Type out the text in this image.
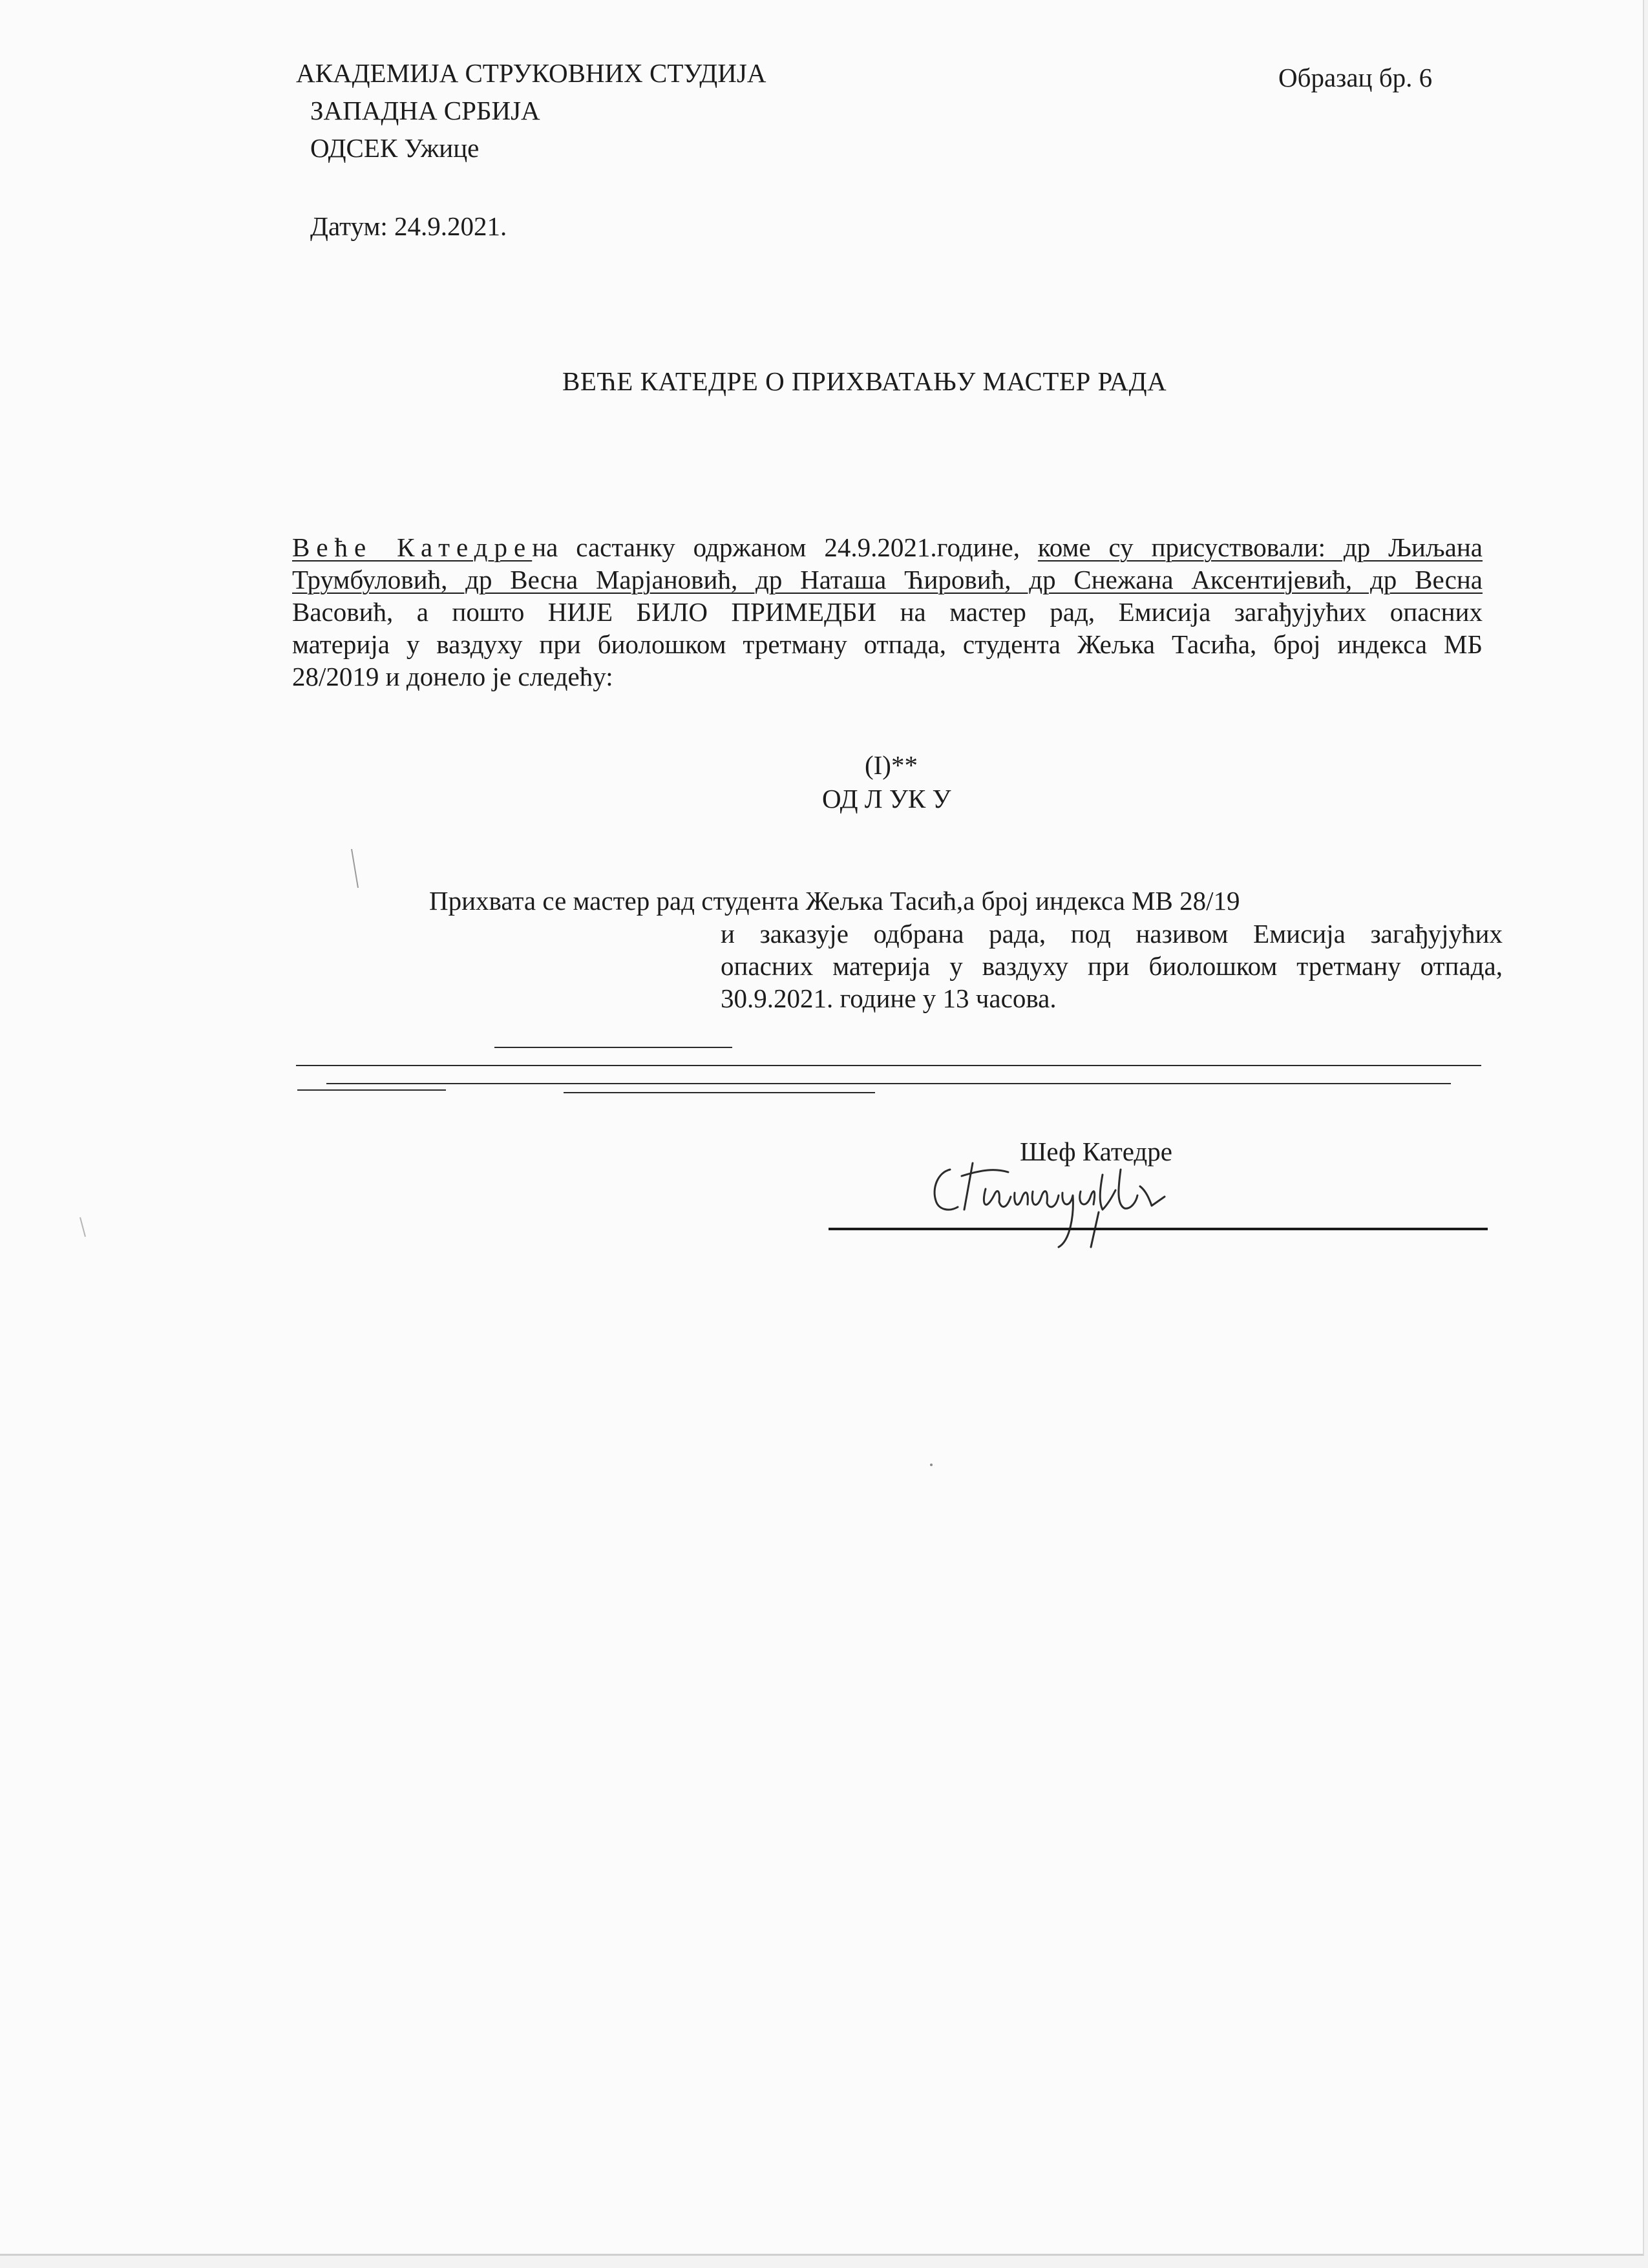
АКАДЕМИЈА СТРУКОВНИХ СТУДИЈА
ЗАПАДНА СРБИЈА
ОДСЕК Ужице
Образац бр. 6
Датум: 24.9.2021.
ВЕЋЕ КАТЕДРЕ О ПРИХВАТАЊУ МАСТЕР РАДА
Веће Катедрена састанку одржаном 24.9.2021.године, коме су присуствовали: др Љиљана
Трумбуловић, др Весна Марјановић, др Наташа Ћировић, др Снежана Аксентијевић, др Весна
Васовић, а пошто НИЈЕ БИЛО ПРИМЕДБИ на мастер рад, Емисија загађујућих опасних
материја у ваздуху при биолошком третману отпада, студента Жељка Тасића, број индекса МБ
28/2019 и донело је следећу:
(I)**
ОД Л УК У
Прихвата се мастер рад студента Жељка Тасић,а број индекса МВ 28/19
и заказује одбрана рада, под називом Емисија загађујућих
опасних материја у ваздуху при биолошком третману отпада,
30.9.2021. године у 13 часова.
Шеф Катедре
